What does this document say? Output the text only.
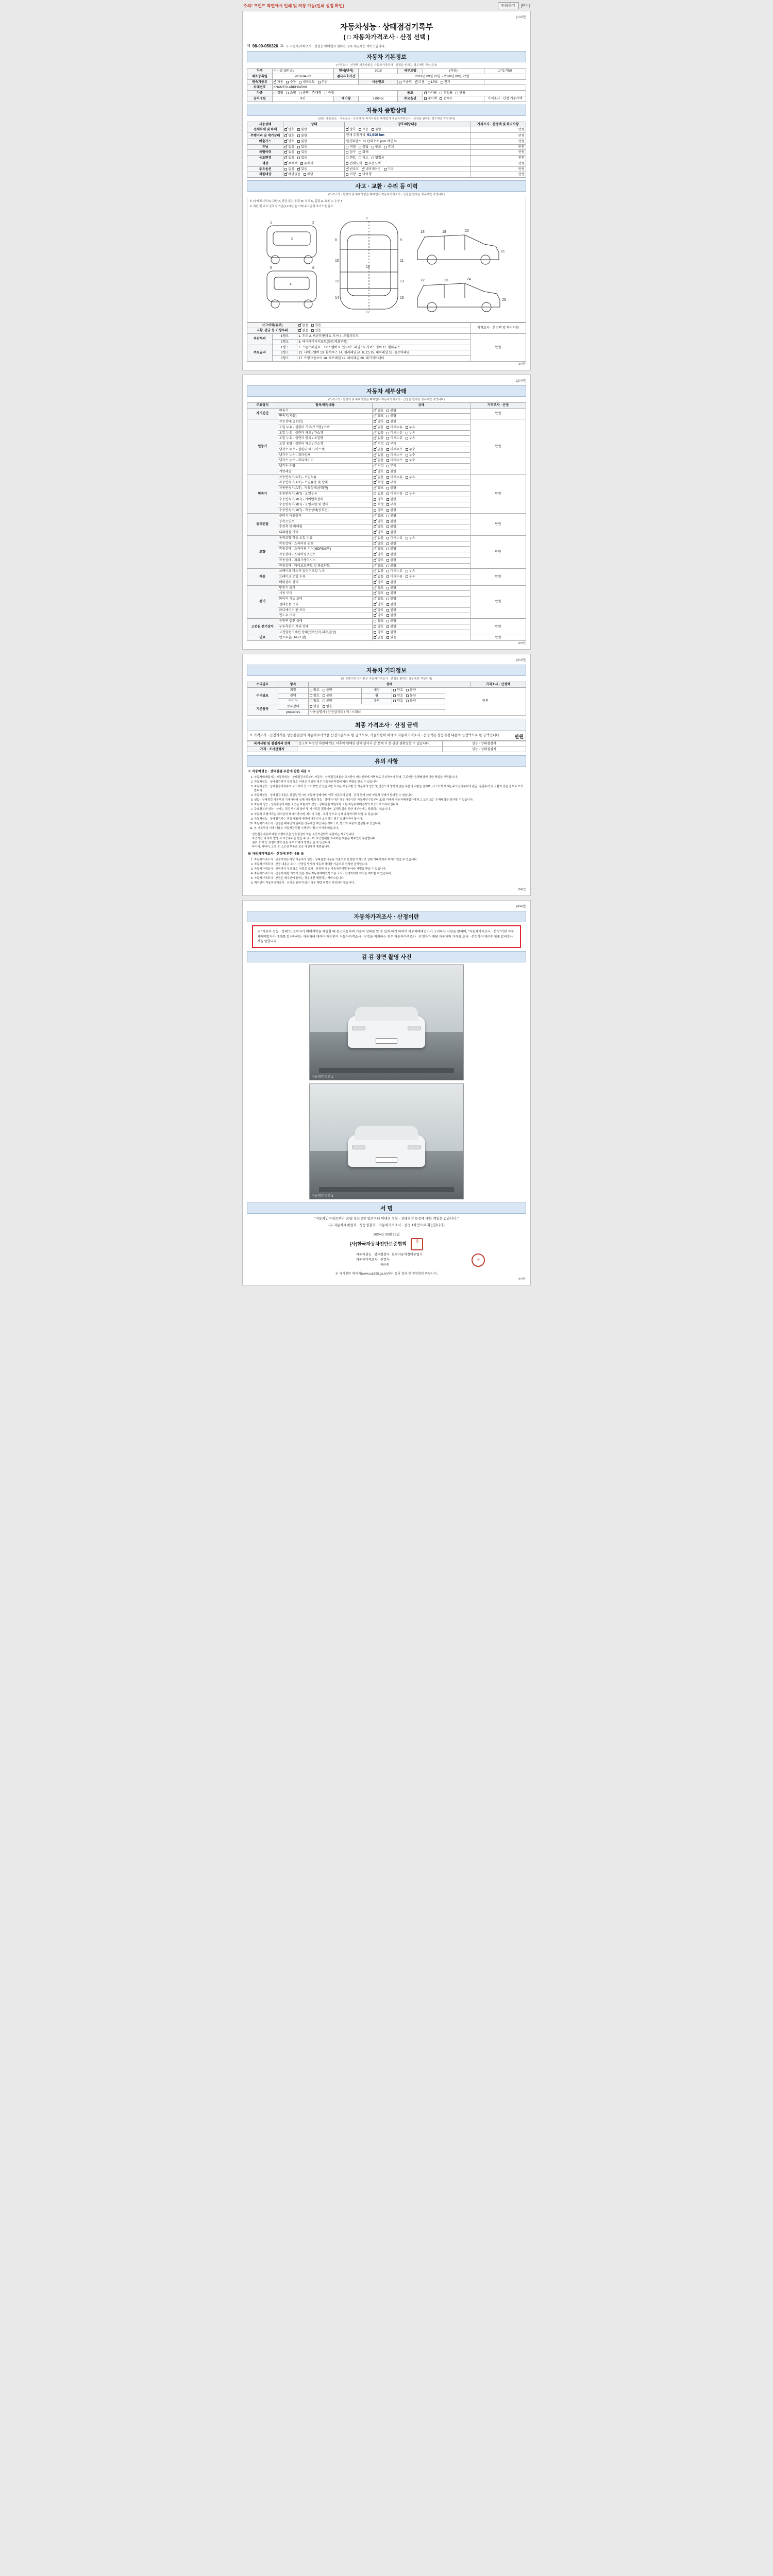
주의! 프린트 화면에서 인쇄 및 저장 가능(인쇄 설정 확인)	인쇄하기	[닫기]
(1/4면)
자동차성능 · 상태점검기록부
( □ 자동차가격조사 · 산정 선택 )
제 98-00-050326 호 ※ 자동차(이력조사 · 성정은 매매업자 원하는 경우 제공해는 서비스입니다.
자동차 기본정보
(가격조사 · 산정액 계속사항은 자동차가격조사 · 산정을 원하는 경우에만 작성니다)
차명	카니발 (9인승)	연식(년식)	2019	세부모델	(자동)	1기1기N0
최초등록일	2019-04-22	검사유효기간	2019년 09월 23일 ~ 2020년 09월 22일			
변속기종류	✔자동 수동 세미오토 무단		사용연료	가솔린 ✔ 디젤 LPG 전기
차대번호	KNAMES1ABKH045H0					
차종	경형 소형 중형 ✔ 대형 승합			용도	✔자가용 영업용 관용
승차정원	9인	배기량	2199 cc	주요옵션	에어백 썬루프	가격조사 · 산정 기준가액
자동차 종합상태
(외관, 주요골조 · 기본골조 · 산정액 및 복지사항은 매매업자 자동차가격조사 · 산정을 원하는 경우에만 작성니다)
사용상태	상태	양호/해당내용	가격조사 · 산정액 및 복지사항
전체차체 및 하체	✔양호 불량	✔양호 보통 불량	만원
주행거리 및 계기상태	✔양호 불량	현재 주행거리 91,816 km	만원
배출가스	✔양호 불량	일산화탄소 % 탄화수소 ppm 매연 %	만원
튜닝	✔없음 있음	적법 불법 구조 장치	만원
특별이력	✔없음 있음	침수 화재	만원
용도변경	✔없음 있음	렌트 리스 영업용	만원
색상	✔무채색 유채색	전체도색 부분도색	만원
주요옵션	없음 ✔ 있음	✔썬루프 ✔ 내비게이션 기타	만원
리콜대상	✔해당없음 해당	이행 미이행	만원
사고 · 교환 · 수리 등 이력
(가격조사 · 산정에 및 복지사항은 매매업자 자동차가격조사 · 산정을 원하는 경우에만 작성니다)
※ (상태표시부호) 교환 X, 판금 또는 용접 W, 부식 C, 흠집 A, 요철 U, 손상 T
※ 외판 및 주요 골격의 기준(1,2,3급)은 아래 주요골격 표기도를 참조
1	2
3
4
5	6
7
8	9
10	11
16
12	13
14	15
17
18	19	20
21
22	23	24
25
사고이력(유무)	✔없음 있음	가격조사 · 산정액 및 복지사항
교환, 판금 등 이상부위	✔없음 있음
외판부위	1랭크	1. 후드 2. 프론트펜더 3. 도어 4. 트렁크리드	만원
	2랭크	5. 라디에이터서포트(볼트체결부품)	
주요골격	1랭크	7. 프론트패널 8. 크로스멤버 9. 인사이드패널 10. 사이드멤버 11. 휠하우스	
	2랭크	12. 사이드멤버 13. 휠하우스 14. 필러패널 (A, B, C) 15. 대쉬패널 16. 플로어패널	
	3랭크	17. 트렁크플로어 18. 루프패널 19. 리어패널 20. 패키지트레이	
(1/4면)
(2/4면)
자동차 세부상태
(가격조사 · 산정에 및 복지사항은 매매업자 자동차가격조사 · 산정을 원하는 경우에만 작성니다)
주요장치	항목/해당내용	상태	가격조사 · 산정
자기진단	원동기	✔양호 불량	만원
	변속기(자동)	✔양호 불량
원동기	작동상태(공회전)	✔양호 불량	만원
	오일 누유 - 실린더 커버(로커암) 커버	✔없음 미세누유 누유
	오일 누유 - 실린더 헤드 / 가스켓	✔없음 미세누유 누유
	오일 누유 - 실린더 블록 / 오일팬	✔없음 미세누유 누유
	오일 유량 - 실린더 헤드 / 가스켓	✔적정 부족
	냉각수 누수 - 실린더 헤드/가스켓	✔없음 미세누수 누수
	냉각수 누수 - 워터펌프	✔없음 미세누수 누수
	냉각수 누수 - 라디에이터	✔없음 미세누수 누수
	냉각수 수량	✔적정 부족
	커먼레일	✔양호 불량
변속기	자동변속기(A/T) - 오일누유	✔없음 미세누유 누유	만원
	자동변속기(A/T) - 오일유량 및 상태	✔적정 부족
	자동변속기(A/T) - 작동상태(공회전)	✔양호 불량
	수동변속기(M/T) - 오일누유	없음 미세누유 누유	
	수동변속기(M/T) - 기어변속장치	양호 불량	
	수동변속기(M/T) - 오일유량 및 상태	적정 부족	
	수동변속기(M/T) - 작동상태(공회전)	양호 불량	
동력전달	클러치 어셈블리	✔양호 불량	만원
	등속조인트	✔양호 불량
	추진축 및 베어링	✔양호 불량
	디퍼렌셜 기어	✔양호 불량
조향	동력조향 작동 오일 누유	✔없음 미세누유 누유	만원
	작동상태 - 스티어링 펌프	✔양호 불량
	작동상태 - 스티어링 기어(MDPS포함)	✔양호 불량
	작동상태 - 스티어링조인트	✔양호 불량
	작동상태 - 파워크랭크시스	✔양호 불량
	작동상태 - 타이로드엔드 및 볼조인트	✔양호 불량
제동	브레이크 마스터 실린더오일 누유	✔없음 미세누유 누유	만원
	브레이크 오일 누유	✔없음 미세누유 누유
	배력장치 상태	✔양호 불량
전기	발전기 출력	✔양호 불량	만원
	시동 모터	✔양호 불량
	와이퍼 기능 모터	✔양호 불량
	실내송풍 모터	✔양호 불량
	라디에이터 팬 모터	✔양호 불량
	윈도우 모터	✔양호 불량
고전원 전기장치	충전구 절연 상태	양호 불량	만원
	구동축전지 격리 상태	양호 불량	
	고전압전기배선 상태(접속단자,피복,손상)	양호 불량	
연료	연료누출(LPG포함)	✔없음 있음	만원
(2/4면)
(3/4면)
자동차 기타정보
(및 특별이력 등사선은 자동차가격조사 · 산정을 원하는 경우에만 작성니다)
수리필요	항목	상태				가격조사 · 산정액
수리필요	외장	양호 불량	내장	양호 불량	만원	
	광택	양호 불량	휠	양호 불량		
	타이어	양호 불량	유리	양호 불량		
기본품목	보유상태	있음 없음				
	projectors	사용설명서 / 안전삼각대 / 잭 / 스패너				
최종 가격조사 · 산정 금액
만원
※ 가격조사 · 산정가격은 성능점검일의 자동차로가액을 산정기준으로 한 금액으로, 기술사항이 아래의 자동차가격조사 · 산정액은 성능점검 내용의 산정액으로 한 금액입니다.
복지사항 및 점검자의 견해	중고차 특성상 차량의 인도 이후에 판매한 판매 당사자 간 문제 시 본 판단 불확실할 수 없습니다.	성능 · 상태점검자
가격 · 조사산정자		성능 · 상태점검자
유의 사항
※ 자동차성능 · 상태점검 부분에 관한 내용 ※
1. 자동차매매업자는 자동차성능 · 상태점검자로부터 자동차 · 상태점검내용을 고지받아 매수인에게 서면으로 고지하여야 하며, 그로인한 손해배상에 대한 책임을 부담합니다.
2. 자동차성능 · 상태점검자가 부정 또는 허위로 점검한 경우 자동차관리법에 따라 처벌을 받을 수 있습니다.
3. 자동차성능 · 상태점검기록부의 사고이력 등 표기방법 중 단순교환 표시는 부품교환 등 자동차의 성능 및 안전도에 영향이 없는 부품의 교환을 말하며, 사고이력 표시는 주요골격부위의 판금, 용접수리 및 교환이 있는 경우로 표기합니다.
4. 자동차성능 · 상태점검내용은 점검일 당시의 자동차 상태이며, 이후 자동차의 운행 · 관리 등에 따라 자동차 상태가 달라질 수 있습니다.
5. 성능 · 상태점검 기록부의 기재사항과 실제 자동차의 성능 · 상태가 다른 경우 매수인은 자동차인수일부터 30일 이내에 자동차매매업자에게 그 보수 또는 손해배상을 청구할 수 있습니다.
6. 자동차 성능 · 상태점검에 대한 보증은 보험사의 성능 · 상태점검 책임보험 또는 자동차매매업자의 보증으로 이루어집니다.
7. 주요장치의 성능 · 상태는 점검 당시의 육안 및 기기점검 결과이며, 분해점검을 통한 내부상태는 포함되지 않습니다.
8. 자동차 주행거리는 계기상의 표시거리이며, 계기의 교환 · 조작 등으로 실제 주행거리와 다를 수 있습니다.
9. 자동차성능 · 상태점검자는 점검 내용에 대하여 매수인이 요청하는 경우 설명하여야 합니다.
10. 자동차가격조사 · 산정은 매수인이 원하는 경우에만 제공되는 서비스로, 별도의 비용이 발생할 수 있습니다.
11. 본 기록부의 기재 내용은 자동차관리법 시행규칙 별지 서식에 따릅니다.
성능점검내용에 대한 이행보증은 성능점검자 또는 보증기관에서 부담하는 제도입니다.
보증기간 내 하자 발생 시 보증수리를 받을 수 있으며, 보증범위를 초과하는 부분은 매수인이 부담합니다.
침수, 화재 등 특별이력이 있는 경우 가격에 영향을 줄 수 있습니다.
타이어, 배터리, 오일 등 소모성 부품은 보증 대상에서 제외됩니다.
※ 자동차가격조사 · 산정에 관한 내용 ※
1. 자동차가격조사 · 산정가격은 해당 자동차의 성능 · 상태점검 내용을 기준으로 산정한 가격으로 실제 거래가격과 차이가 있을 수 있습니다.
2. 자동차가격조사 · 산정 내용은 조사 · 산정일 당시의 자동차 상태를 기준으로 산정한 금액입니다.
3. 자동차가격조사 · 산정자가 부정 또는 허위로 조사 · 산정한 경우 자동차관리법에 따라 처벌을 받을 수 있습니다.
4. 자동차가격조사 · 산정에 대한 이의가 있는 경우 자동차매매업자 또는 조사 · 산정자에게 이의를 제기할 수 있습니다.
5. 자동차가격조사 · 산정은 매수인이 원하는 경우에만 제공되는 서비스입니다.
6. 매수인이 자동차가격조사 · 산정을 원하지 않는 경우 해당 항목은 작성되지 않습니다.
(3/4면)
(4/4면)
자동차가격조사 · 산정이란
※ "자동차 성능 · 상태"는 소비자가 매매계약을 체결할 때 중고자동차의 기술적 상태를 알 수 있게 하기 위하여 자동차매매업자가 고지하는 사항을 말하며, "자동차가격조사 · 산정"이란 자동차매매업자가 매매를 알선하려는 자동차에 대하여 매수인이 자동차가격조사 · 산정을 의뢰하는 경우 자동차가격조사 · 산정자가 해당 자동차의 가격을 조사 · 산정하여 매수인에게 알려주는 것을 말합니다.
검 검 장면 촬영 사진
성능점검 장면 1
성능점검 장면 2
서 명
"자동차인수일로부터 30일 또는 2천 킬로미터 이내의 성능 · 상태점검 보증에 대한 책임은 없습니다."
(구 자동차매매업자 · 성능점검자 · 자동차가격조사 · 산정 1차만으로 확인합니다)
2024년 03월 13일
(사)한국자동차진단보증협회	인
자동차성능 · 상태점검자	보광자동차정비공업사	인
자동차가격조사 · 산정자		
매수인		
※ 자기진단 페이지(www.car365.go.kr)에서 등록 결과 및 진위확인 바랍니다.
(4/4면)
